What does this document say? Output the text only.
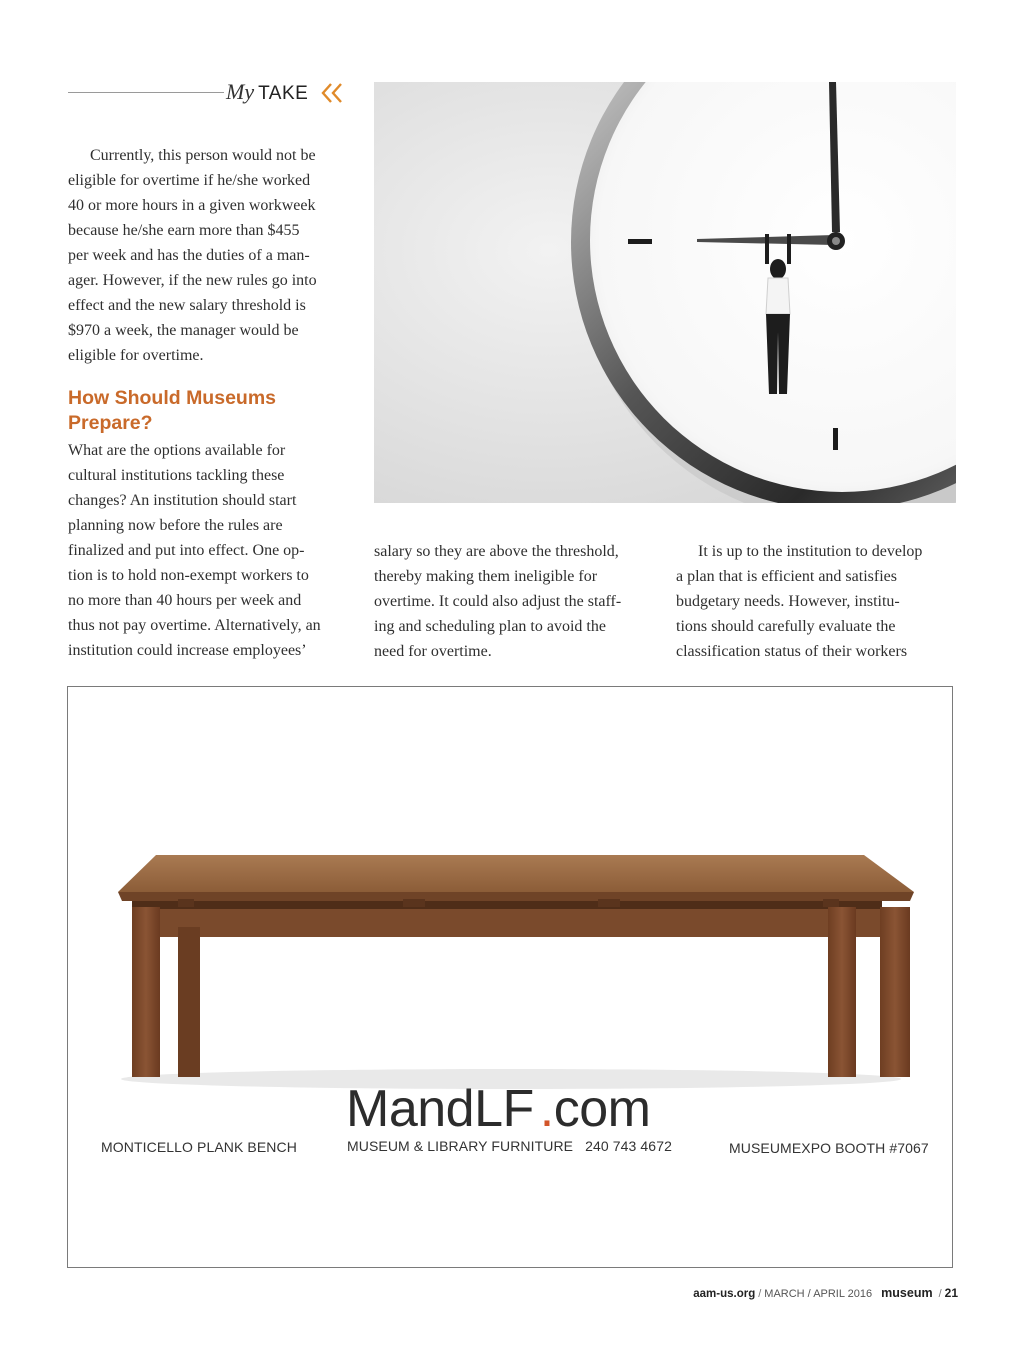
My TAKE

Currently, this person would not be

eligible for overtime if he/she worked

40 or more hours in a given workweek

because he/she earn more than $455

per week and has the duties of a man-

ager. However, if the new rules go into

effect and the new salary threshold is

$970 a week, the manager would be

eligible for overtime.

How Should Museums
Prepare?

What are the options available for

cultural institutions tackling these

changes? An institution should start

planning now before the rules are

finalized and put into effect. One op-

tion is to hold non-exempt workers to

no more than 40 hours per week and

thus not pay overtime. Alternatively, an

institution could increase employees’

salary so they are above the threshold,

thereby making them ineligible for

overtime. It could also adjust the staff-

ing and scheduling plan to avoid the

need for overtime.

It is up to the institution to develop

a plan that is efficient and satisfies

budgetary needs. However, institu-

tions should carefully evaluate the

classification status of their workers

MandLF .com
MONTICELLO PLANK BENCH	MUSEUM & LIBRARY FURNITURE 240 743 4672	MUSEUMEXPO BOOTH #7067
aam-us.org / MARCH / APRIL 2016 museum / 21
